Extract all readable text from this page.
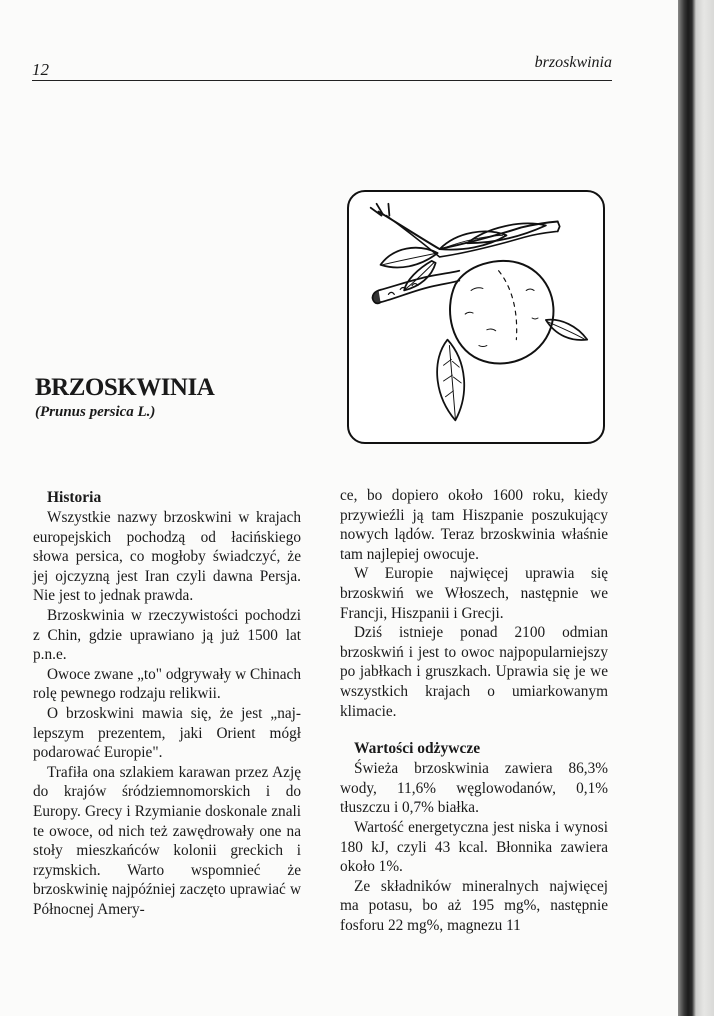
12	brzoskwinia
BRZOSKWINIA
(Prunus persica L.)
Historia

Wszystkie nazwy brzoskwini w krajach europejskich pochodzą od łacińskiego słowa persica, co mogłoby świadczyć, że jej ojczyzną jest Iran czyli dawna Persja. Nie jest to jednak prawda.

Brzoskwinia w rzeczywistości pochodzi z Chin, gdzie uprawiano ją już 1500 lat p.n.e.

Owoce zwane „to" odgrywały w Chinach rolę pewnego rodzaju relikwii.

O brzoskwini mawia się, że jest „najlepszym prezentem, jaki Orient mógł podarować Europie".

Trafiła ona szlakiem karawan przez Azję do krajów śródziemnomorskich i do Europy. Grecy i Rzymianie doskonale znali te owoce, od nich też zawędrowały one na stoły mieszkańców kolonii greckich i rzymskich. Warto wspomnieć że brzoskwinię najpóźniej zaczęto uprawiać w Północnej Amery-

ce, bo dopiero około 1600 roku, kiedy przywieźli ją tam Hiszpanie poszukujący nowych lądów. Teraz brzoskwinia właśnie tam najlepiej owocuje.

W Europie najwięcej uprawia się brzoskwiń we Włoszech, następnie we Francji, Hiszpanii i Grecji.

Dziś istnieje ponad 2100 odmian brzoskwiń i jest to owoc najpopularniejszy po jabłkach i gruszkach. Uprawia się je we wszystkich krajach o umiarkowanym klimacie.

Wartości odżywcze

Świeża brzoskwinia zawiera 86,3% wody, 11,6% węglowodanów, 0,1% tłuszczu i 0,7% białka.

Wartość energetyczna jest niska i wynosi 180 kJ, czyli 43 kcal. Błonnika zawiera około 1%.

Ze składników mineralnych najwięcej ma potasu, bo aż 195 mg%, następnie fosforu 22 mg%, magnezu 11
